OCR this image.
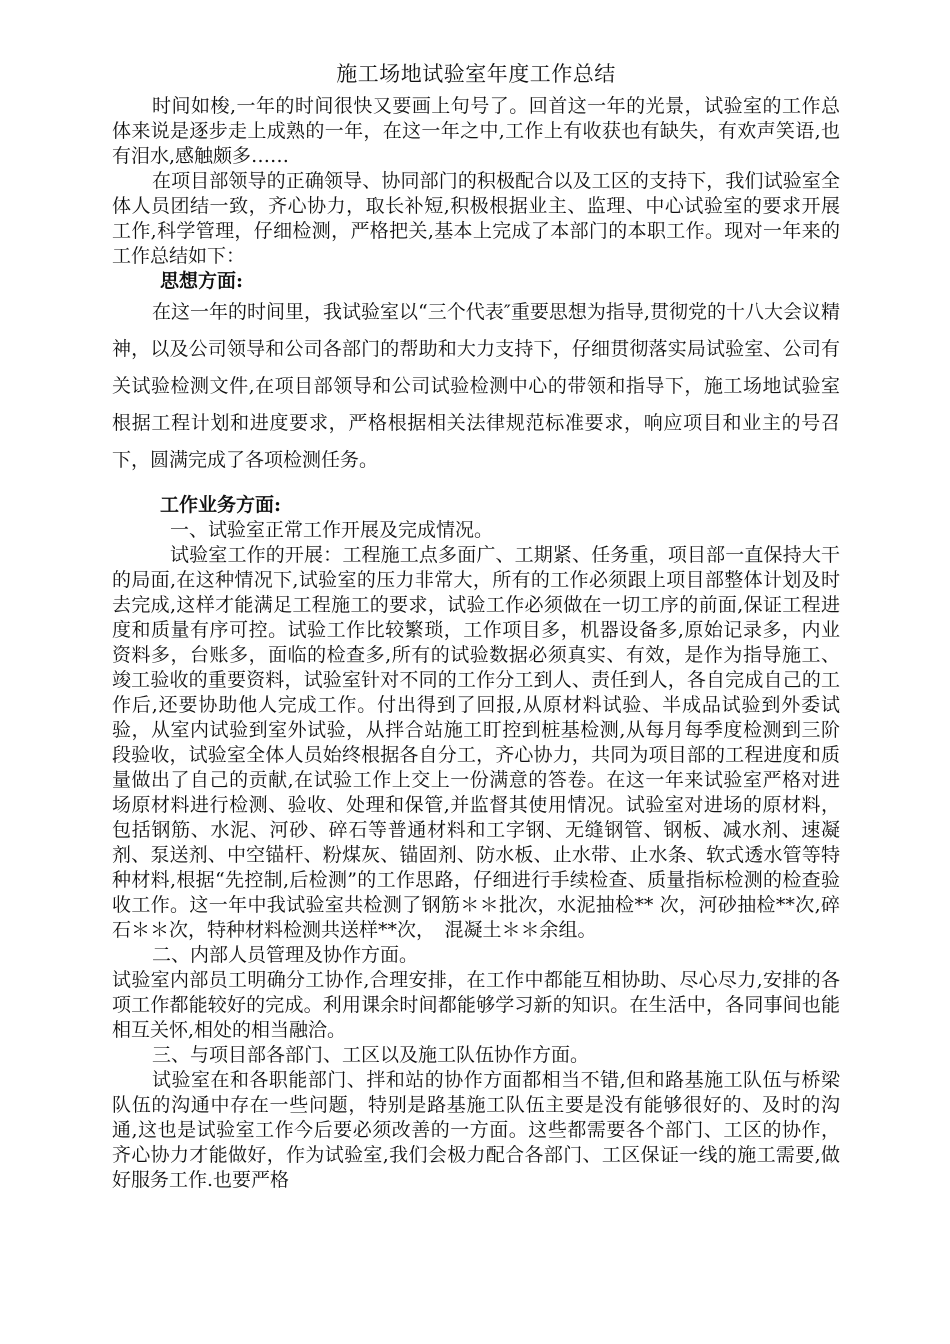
施工场地试验室年度工作总结

时间如梭,一年的时间很快又要画上句号了。回首这一年的光景，试验室的工作总体来说是逐步走上成熟的一年，在这一年之中,工作上有收获也有缺失，有欢声笑语,也有泪水,感触颇多……

在项目部领导的正确领导、协同部门的积极配合以及工区的支持下，我们试验室全体人员团结一致，齐心协力，取长补短,积极根据业主、监理、中心试验室的要求开展工作,科学管理，仔细检测，严格把关,基本上完成了本部门的本职工作。现对一年来的工作总结如下：

思想方面:

在这一年的时间里，我试验室以“三个代表″重要思想为指导,贯彻党的十八大会议精神，以及公司领导和公司各部门的帮助和大力支持下，仔细贯彻落实局试验室、公司有关试验检测文件,在项目部领导和公司试验检测中心的带领和指导下，施工场地试验室根据工程计划和进度要求，严格根据相关法律规范标准要求，响应项目和业主的号召下，圆满完成了各项检测任务。

工作业务方面:

一、试验室正常工作开展及完成情况。

试验室工作的开展：工程施工点多面广、工期紧、任务重，项目部一直保持大干的局面,在这种情况下,试验室的压力非常大，所有的工作必须跟上项目部整体计划及时去完成,这样才能满足工程施工的要求，试验工作必须做在一切工序的前面,保证工程进度和质量有序可控。试验工作比较繁琐，工作项目多，机器设备多,原始记录多，内业资料多，台账多，面临的检查多,所有的试验数据必须真实、有效，是作为指导施工、竣工验收的重要资料，试验室针对不同的工作分工到人、责任到人，各自完成自己的工作后,还要协助他人完成工作。付出得到了回报,从原材料试验、半成品试验到外委试验，从室内试验到室外试验，从拌合站施工盯控到桩基检测,从每月每季度检测到三阶段验收，试验室全体人员始终根据各自分工，齐心协力，共同为项目部的工程进度和质量做出了自己的贡献,在试验工作上交上一份满意的答卷。在这一年来试验室严格对进场原材料进行检测、验收、处理和保管,并监督其使用情况。试验室对进场的原材料，包括钢筋、水泥、河砂、碎石等普通材料和工字钢、无缝钢管、钢板、减水剂、速凝剂、泵送剂、中空锚杆、粉煤灰、锚固剂、防水板、止水带、止水条、软式透水管等特种材料,根据“先控制,后检测”的工作思路，仔细进行手续检查、质量指标检测的检查验收工作。这一年中我试验室共检测了钢筋＊＊批次，水泥抽检** 次，河砂抽检**次,碎石＊＊次，特种材料检测共送样**次，　混凝土＊＊余组。

二、内部人员管理及协作方面。

试验室内部员工明确分工协作,合理安排，在工作中都能互相协助、尽心尽力,安排的各项工作都能较好的完成。利用课余时间都能够学习新的知识。在生活中，各同事间也能相互关怀,相处的相当融洽。

三、与项目部各部门、工区以及施工队伍协作方面。

试验室在和各职能部门、拌和站的协作方面都相当不错,但和路基施工队伍与桥梁队伍的沟通中存在一些问题，特别是路基施工队伍主要是没有能够很好的、及时的沟通,这也是试验室工作今后要必须改善的一方面。这些都需要各个部门、工区的协作，齐心协力才能做好，作为试验室,我们会极力配合各部门、工区保证一线的施工需要,做好服务工作.也要严格
